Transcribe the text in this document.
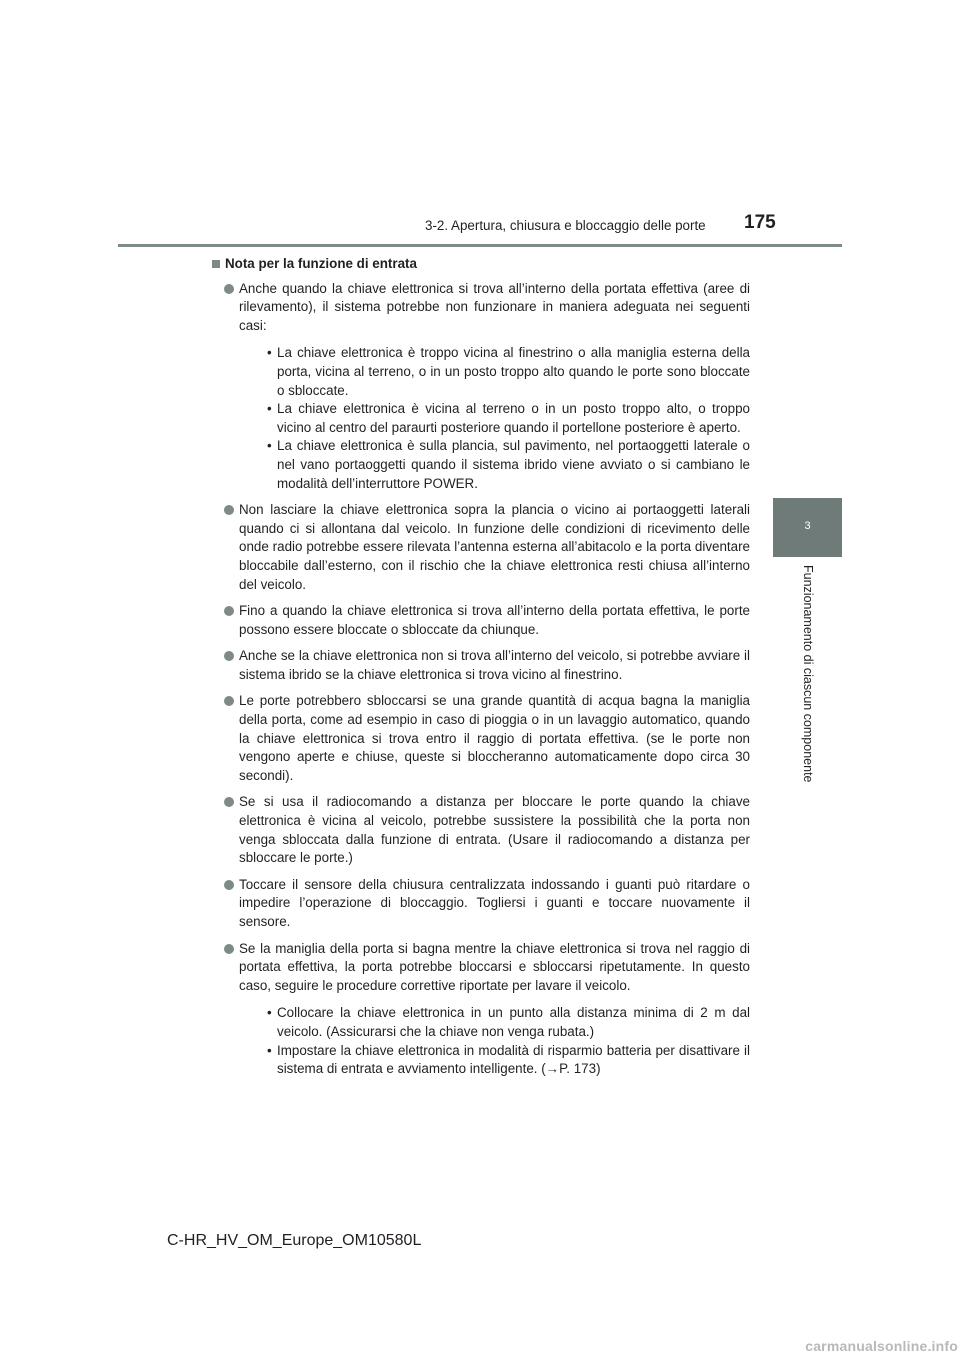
3-2. Apertura, chiusura e bloccaggio delle porte 175
3
Funzionamento di ciascun componente
Nota per la funzione di entrata
Anche quando la chiave elettronica si trova all’interno della portata effettiva (aree di rilevamento), il sistema potrebbe non funzionare in maniera adeguata nei seguenti casi:
• La chiave elettronica è troppo vicina al finestrino o alla maniglia esterna della porta, vicina al terreno, o in un posto troppo alto quando le porte sono bloccate o sbloccate.
• La chiave elettronica è vicina al terreno o in un posto troppo alto, o troppo vicino al centro del paraurti posteriore quando il portellone posteriore è aperto.
• La chiave elettronica è sulla plancia, sul pavimento, nel portaoggetti laterale o nel vano portaoggetti quando il sistema ibrido viene avviato o si cambiano le modalità dell’interruttore POWER.
Non lasciare la chiave elettronica sopra la plancia o vicino ai portaoggetti laterali quando ci si allontana dal veicolo. In funzione delle condizioni di ricevimento delle onde radio potrebbe essere rilevata l’antenna esterna all’abitacolo e la porta diventare bloccabile dall’esterno, con il rischio che la chiave elettronica resti chiusa all’interno del veicolo.
Fino a quando la chiave elettronica si trova all’interno della portata effettiva, le porte possono essere bloccate o sbloccate da chiunque.
Anche se la chiave elettronica non si trova all’interno del veicolo, si potrebbe avviare il sistema ibrido se la chiave elettronica si trova vicino al finestrino.
Le porte potrebbero sbloccarsi se una grande quantità di acqua bagna la maniglia della porta, come ad esempio in caso di pioggia o in un lavaggio automatico, quando la chiave elettronica si trova entro il raggio di portata effettiva. (se le porte non vengono aperte e chiuse, queste si bloccheranno automaticamente dopo circa 30 secondi).
Se si usa il radiocomando a distanza per bloccare le porte quando la chiave elettronica è vicina al veicolo, potrebbe sussistere la possibilità che la porta non venga sbloccata dalla funzione di entrata. (Usare il radiocomando a distanza per sbloccare le porte.)
Toccare il sensore della chiusura centralizzata indossando i guanti può ritardare o impedire l’operazione di bloccaggio. Togliersi i guanti e toccare nuovamente il sensore.
Se la maniglia della porta si bagna mentre la chiave elettronica si trova nel raggio di portata effettiva, la porta potrebbe bloccarsi e sbloccarsi ripetutamente. In questo caso, seguire le procedure correttive riportate per lavare il veicolo.
• Collocare la chiave elettronica in un punto alla distanza minima di 2 m dal veicolo. (Assicurarsi che la chiave non venga rubata.)
• Impostare la chiave elettronica in modalità di risparmio batteria per disattivare il sistema di entrata e avviamento intelligente. (→P. 173)
C-HR_HV_OM_Europe_OM10580L
carmanualsonline.info
